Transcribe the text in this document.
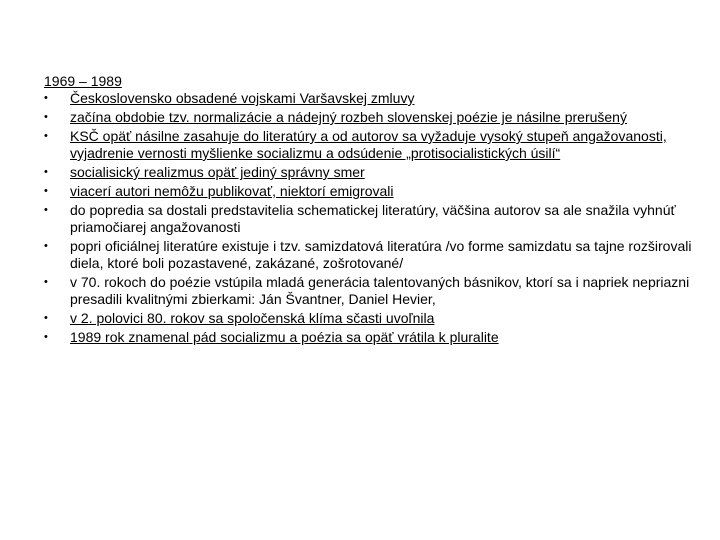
1969 – 1989

•	Československo obsadené vojskami Varšavskej zmluvy
•	začína obdobie tzv. normalizácie a nádejný rozbeh slovenskej poézie je násilne prerušený
•	KSČ opäť násilne zasahuje do literatúry a od autorov sa vyžaduje vysoký stupeň angažovanosti, vyjadrenie vernosti myšlienke socializmu a odsúdenie „protisocialistických úsilí“
•	socialisický realizmus opäť jediný správny smer
•	viacerí autori nemôžu publikovať, niektorí emigrovali
•	do popredia sa dostali predstavitelia schematickej literatúry, väčšina autorov sa ale snažila vyhnúť priamočiarej angažovanosti
•	popri oficiálnej literatúre existuje i tzv. samizdatová literatúra /vo forme samizdatu sa tajne rozširovali diela, ktoré boli pozastavené, zakázané, zošrotované/
•	v 70. rokoch do poézie vstúpila mladá generácia talentovaných básnikov, ktorí sa i napriek nepriazni presadili kvalitnými zbierkami: Ján Švantner, Daniel Hevier,
•	v 2. polovici 80. rokov sa spoločenská klíma sčasti uvoľnila
•	1989 rok znamenal pád socializmu a poézia sa opäť vrátila k pluralite
